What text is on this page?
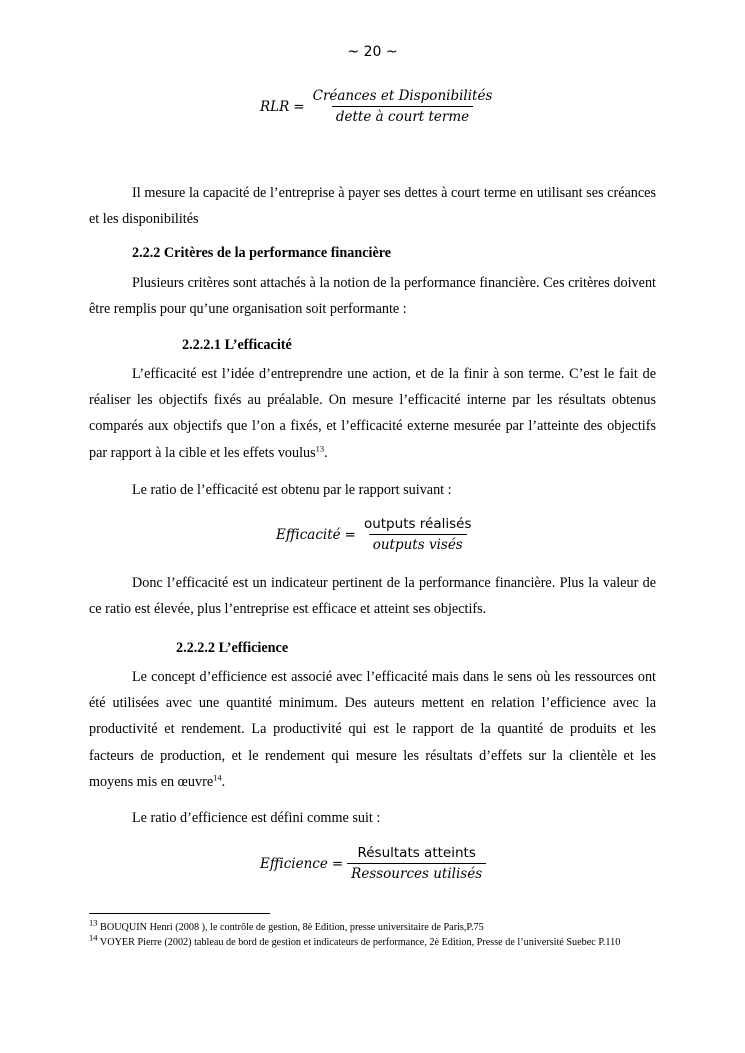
~ 20 ~
RLR = $\frac{\text{Créances et Disponibilités}}{\text{dette à court terme}}$
Il mesure la capacité de l’entreprise à payer ses dettes à court terme en utilisant ses créances et les disponibilités
2.2.2 Critères de la performance financière
Plusieurs critères sont attachés à la notion de la performance financière. Ces critères doivent être remplis pour qu’une organisation soit performante :
2.2.2.1 L’efficacité
L’efficacité est l’idée d’entreprendre une action, et de la finir à son terme. C’est le fait de réaliser les objectifs fixés au préalable. On mesure l’efficacité interne par les résultats obtenus comparés aux objectifs que l’on a fixés, et l’efficacité externe mesurée par l’atteinte des objectifs par rapport à la cible et les effets voulus$^{13}$.
Le ratio de l’efficacité est obtenu par le rapport suivant :
Efficacité = $\frac{\text{outputs réalisés}}{\text{outputs visés}}$
Donc l’efficacité est un indicateur pertinent de la performance financière. Plus la valeur de ce ratio est élevée, plus l’entreprise est efficace et atteint ses objectifs.
2.2.2.2 L’efficience
Le concept d’efficience est associé avec l’efficacité mais dans le sens où les ressources ont été utilisées avec une quantité minimum. Des auteurs mettent en relation l’efficience avec la productivité et rendement. La productivité qui est le rapport de la quantité de produits et les facteurs de production, et le rendement qui mesure les résultats d’effets sur la clientèle et les moyens mis en œuvre$^{14}$.
Le ratio d’efficience est défini comme suit :
Efficience = $\frac{\text{Résultats atteints}}{\text{Ressources utilisés}}$
$^{13}$ BOUQUIN Henri (2008 ), le contrôle de gestion, 8è Edition, presse universitaire de Paris,P.75
$^{14}$ VOYER Pierre (2002) tableau de bord de gestion et indicateurs de performance, 2è Edition, Presse de l’université Suebec P.110
